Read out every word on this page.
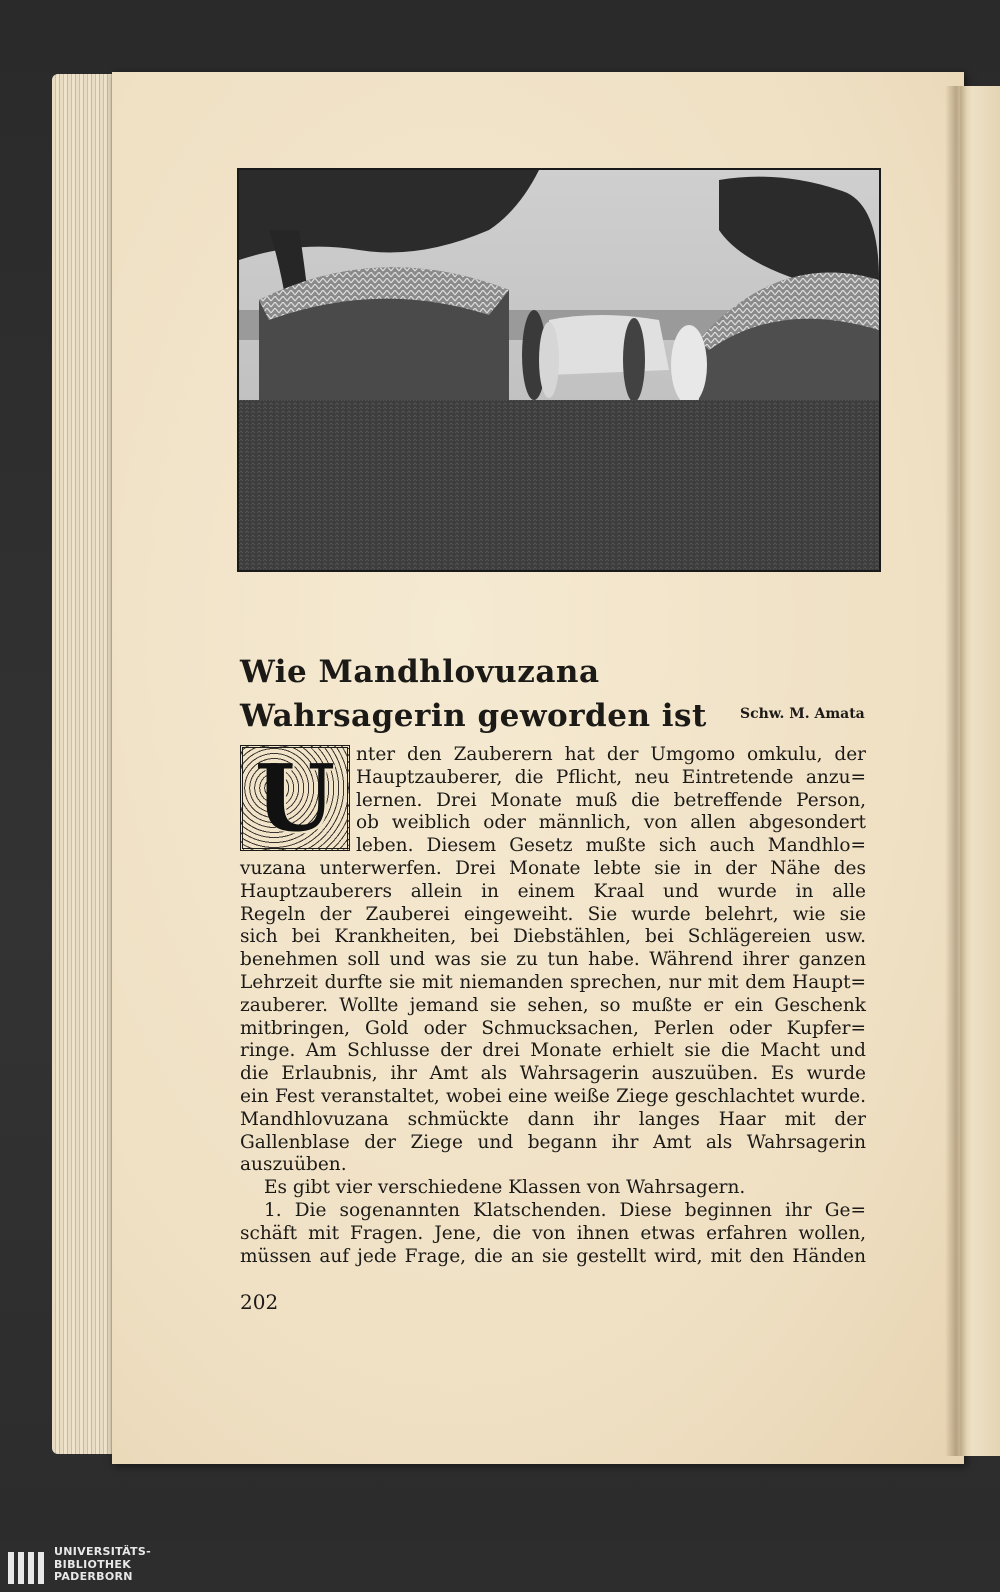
Wie Mandhlovuzana
Wahrsagerin geworden ist Schw. M. Amata
U nter den Zauberern hat der Umgomo omkulu, der
Hauptzauberer, die Pflicht, neu Eintretende anzu=
lernen. Drei Monate muß die betreffende Person,
ob weiblich oder männlich, von allen abgesondert
leben. Diesem Gesetz mußte sich auch Mandhlo=
vuzana unterwerfen. Drei Monate lebte sie in der Nähe des
Hauptzauberers allein in einem Kraal und wurde in alle
Regeln der Zauberei eingeweiht. Sie wurde belehrt, wie sie
sich bei Krankheiten, bei Diebstählen, bei Schlägereien usw.
benehmen soll und was sie zu tun habe. Während ihrer ganzen
Lehrzeit durfte sie mit niemanden sprechen, nur mit dem Haupt=
zauberer. Wollte jemand sie sehen, so mußte er ein Geschenk
mitbringen, Gold oder Schmucksachen, Perlen oder Kupfer=
ringe. Am Schlusse der drei Monate erhielt sie die Macht und
die Erlaubnis, ihr Amt als Wahrsagerin auszuüben. Es wurde
ein Fest veranstaltet, wobei eine weiße Ziege geschlachtet wurde.
Mandhlovuzana schmückte dann ihr langes Haar mit der
Gallenblase der Ziege und begann ihr Amt als Wahrsagerin
auszuüben.
Es gibt vier verschiedene Klassen von Wahrsagern.
1. Die sogenannten Klatschenden. Diese beginnen ihr Ge=
schäft mit Fragen. Jene, die von ihnen etwas erfahren wollen,
müssen auf jede Frage, die an sie gestellt wird, mit den Händen
202
UNIVERSITÄTS-
BIBLIOTHEK
PADERBORN
